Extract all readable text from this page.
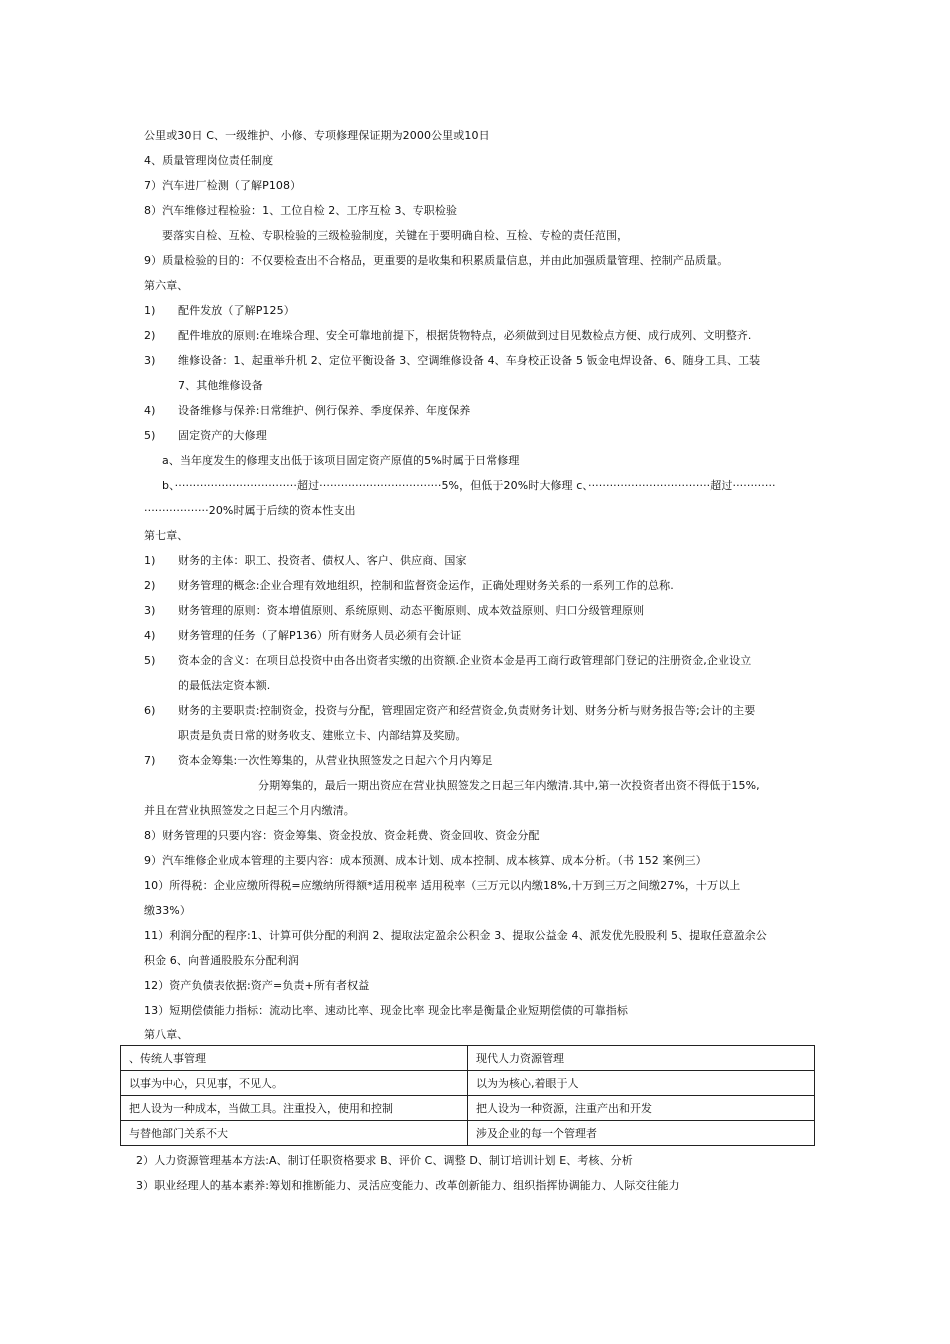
公里或30日 C、一级维护、小修、专项修理保证期为2000公里或10日
4、质量管理岗位责任制度
7）汽车进厂检测（了解P108）
8）汽车维修过程检验：1、工位自检 2、工序互检 3、专职检验
要落实自检、互检、专职检验的三级检验制度，关键在于要明确自检、互检、专检的责任范围，
9）质量检验的目的：不仅要检查出不合格品，更重要的是收集和积累质量信息，并由此加强质量管理、控制产品质量。
第六章、
1) 配件发放（了解P125）
2) 配件堆放的原则:在堆垛合理、安全可靠地前提下，根据货物特点，必须做到过目见数检点方便、成行成列、文明整齐.
3) 维修设备：1、起重举升机 2、定位平衡设备 3、空调维修设备 4、车身校正设备 5 钣金电焊设备、6、随身工具、工装
7、其他维修设备
4) 设备维修与保养:日常维护、例行保养、季度保养、年度保养
5) 固定资产的大修理
a、当年度发生的修理支出低于该项目固定资产原值的5%时属于日常修理
b、··································超过··································5%，但低于20%时大修理 c、··································超过············
··················20%时属于后续的资本性支出
第七章、
1) 财务的主体：职工、投资者、债权人、客户、供应商、国家
2) 财务管理的概念:企业合理有效地组织，控制和监督资金运作，正确处理财务关系的一系列工作的总称.
3) 财务管理的原则：资本增值原则、系统原则、动态平衡原则、成本效益原则、归口分级管理原则
4) 财务管理的任务（了解P136）所有财务人员必须有会计证
5) 资本金的含义：在项目总投资中由各出资者实缴的出资额.企业资本金是再工商行政管理部门登记的注册资金,企业设立
的最低法定资本额.
6) 财务的主要职责:控制资金，投资与分配，管理固定资产和经营资金,负责财务计划、财务分析与财务报告等;会计的主要
职责是负责日常的财务收支、建账立卡、内部结算及奖励。
7) 资本金筹集:一次性筹集的，从营业执照签发之日起六个月内筹足
分期筹集的，最后一期出资应在营业执照签发之日起三年内缴清.其中,第一次投资者出资不得低于15%,
并且在营业执照签发之日起三个月内缴清。
8）财务管理的只要内容：资金筹集、资金投放、资金耗费、资金回收、资金分配
9）汽车维修企业成本管理的主要内容：成本预测、成本计划、成本控制、成本核算、成本分析。（书 152 案例三）
10）所得税：企业应缴所得税=应缴纳所得额*适用税率 适用税率（三万元以内缴18%,十万到三万之间缴27%，十万以上
缴33%）
11）利润分配的程序:1、计算可供分配的利润 2、提取法定盈余公积金 3、提取公益金 4、派发优先股股利 5、提取任意盈余公
积金 6、向普通股股东分配利润
12）资产负债表依据:资产=负责+所有者权益
13）短期偿债能力指标：流动比率、速动比率、现金比率 现金比率是衡量企业短期偿债的可靠指标
第八章、
、传统人事管理	现代人力资源管理
以事为中心，只见事，不见人。	以为为核心,着眼于人
把人设为一种成本，当做工具。注重投入，使用和控制	把人设为一种资源，注重产出和开发
与替他部门关系不大	涉及企业的每一个管理者
2）人力资源管理基本方法:A、制订任职资格要求 B、评价 C、调整 D、制订培训计划 E、考核、分析
3）职业经理人的基本素养:筹划和推断能力、灵活应变能力、改革创新能力、组织指挥协调能力、人际交往能力
